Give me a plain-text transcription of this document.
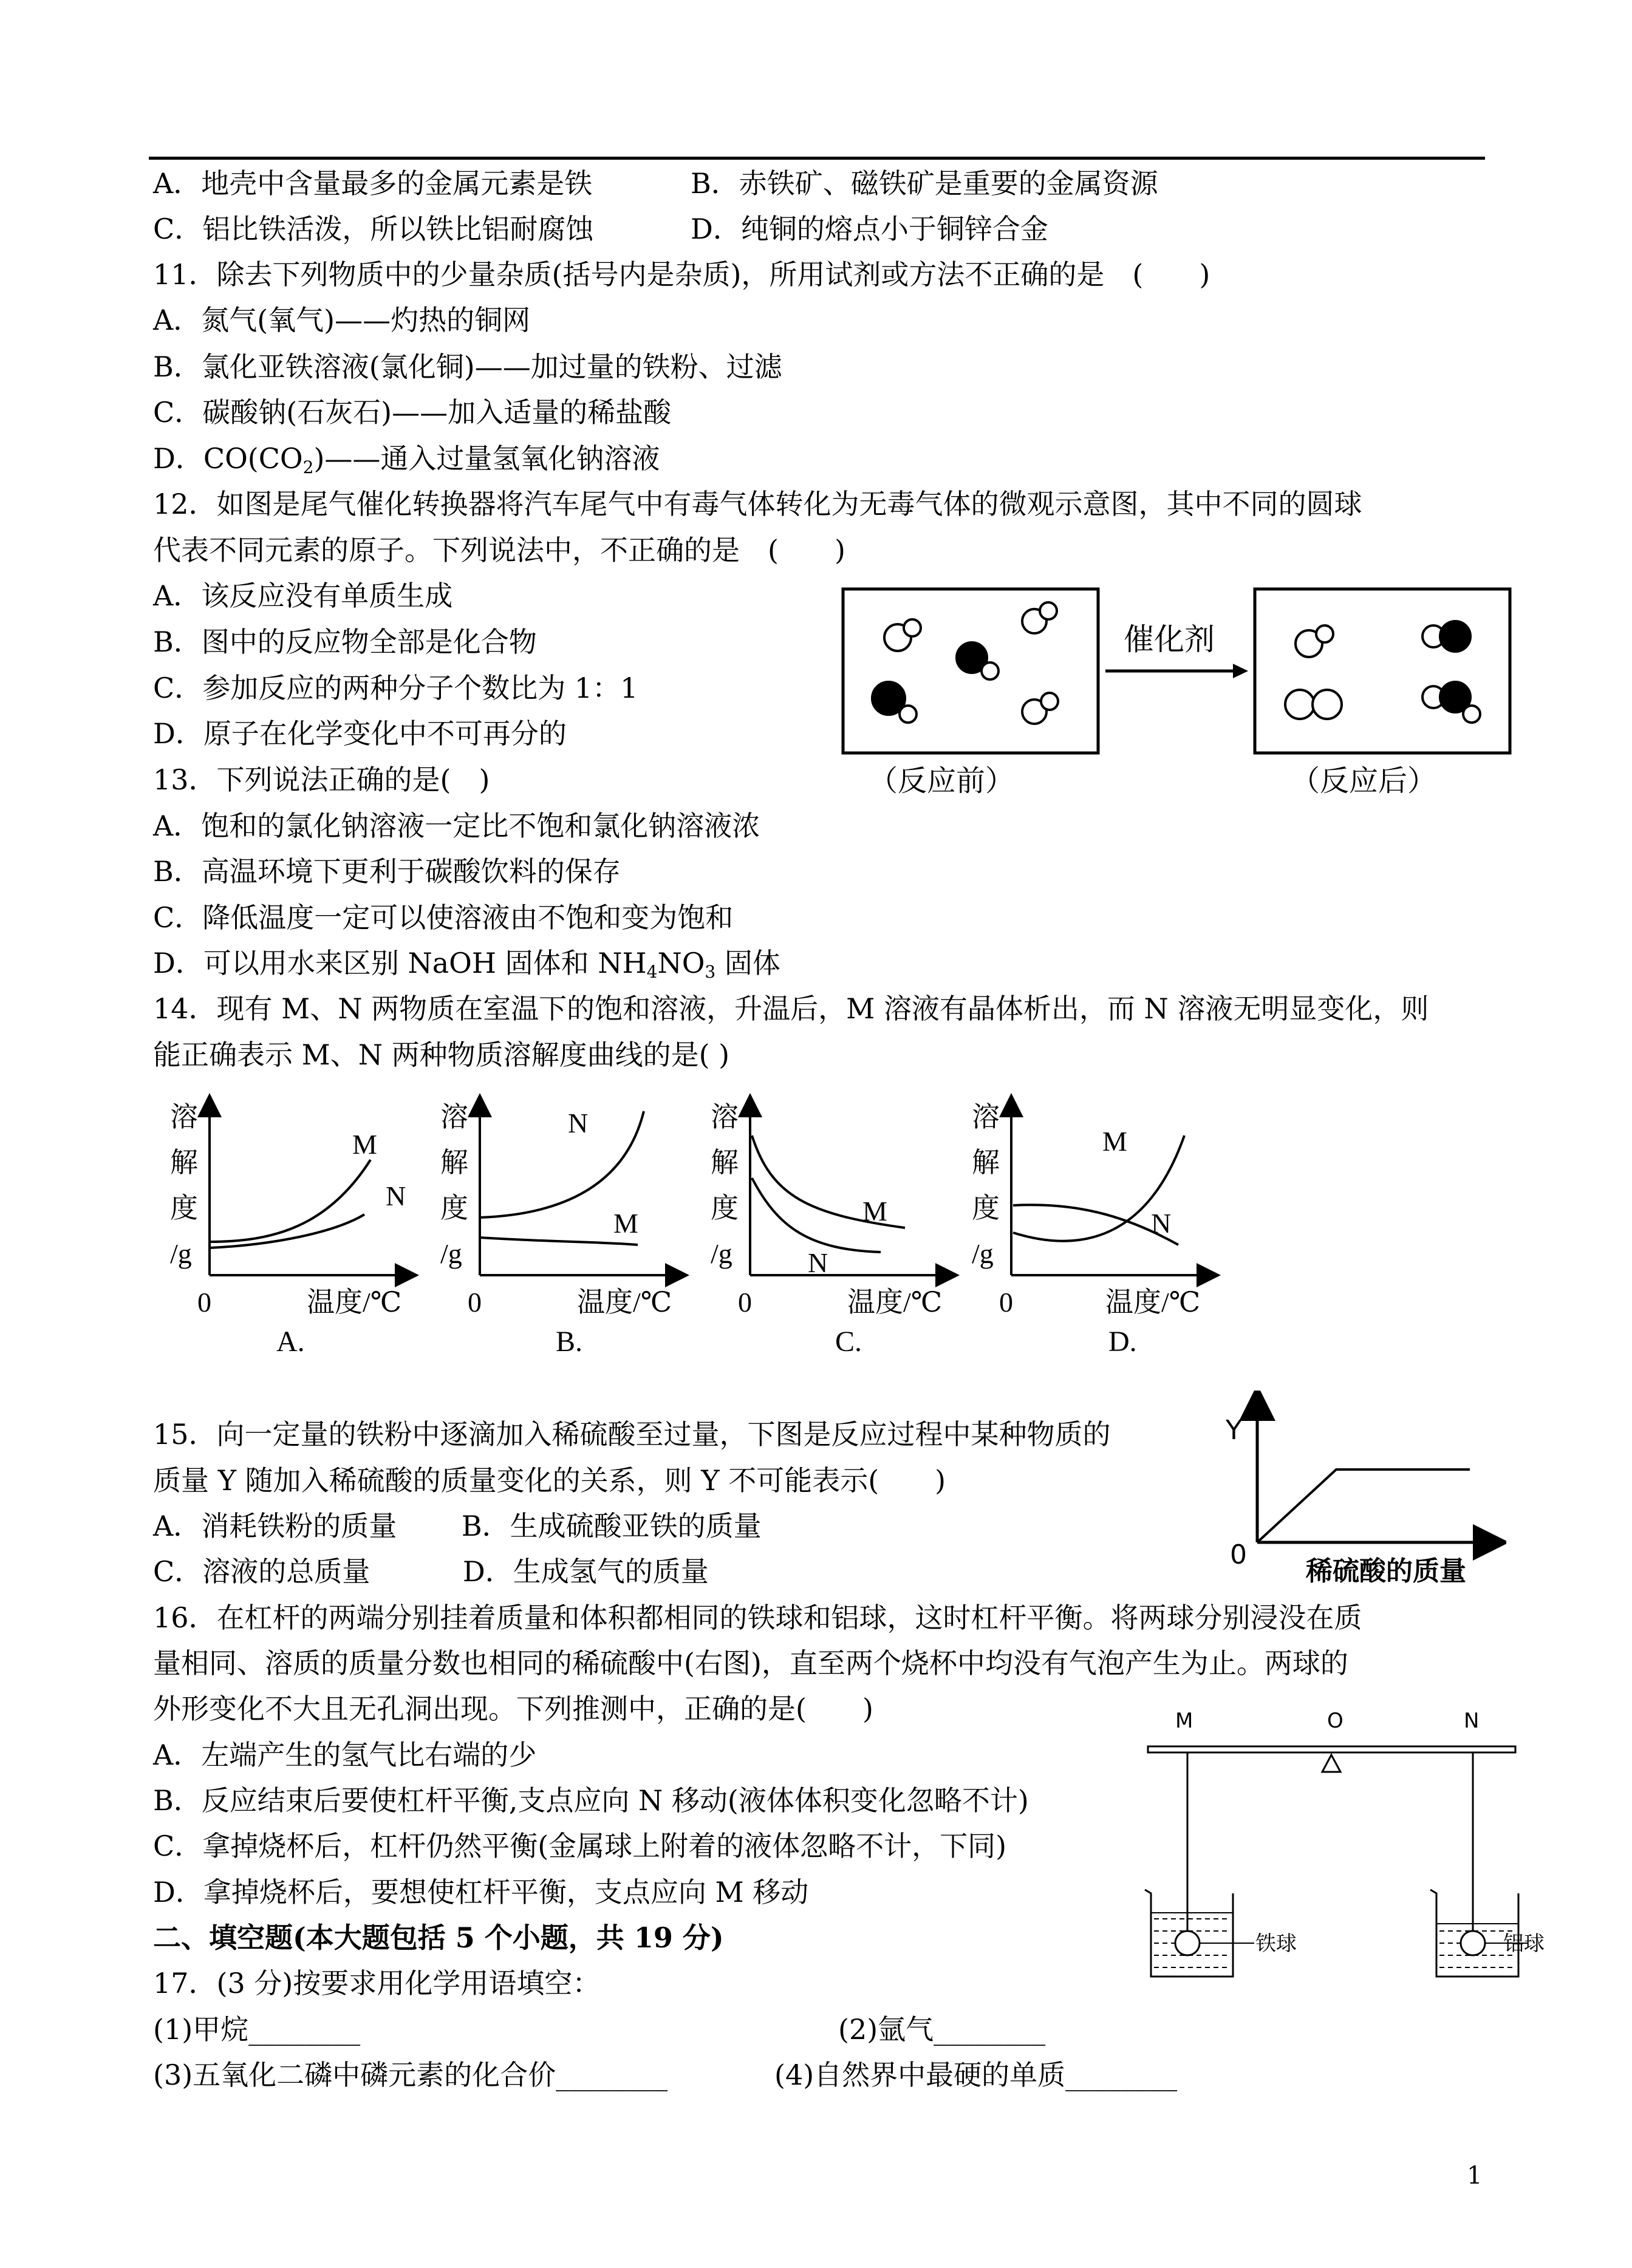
A．地壳中含量最多的金属元素是铁	B．赤铁矿、磁铁矿是重要的金属资源
C．铝比铁活泼，所以铁比铝耐腐蚀	D．纯铜的熔点小于铜锌合金
11．除去下列物质中的少量杂质(括号内是杂质)，所用试剂或方法不正确的是　(　　)
A．氮气(氧气)——灼热的铜网
B．氯化亚铁溶液(氯化铜)——加过量的铁粉、过滤
C．碳酸钠(石灰石)——加入适量的稀盐酸
D．$CO(CO_2)——$通入过量氢氧化钠溶液
12．如图是尾气催化转换器将汽车尾气中有毒气体转化为无毒气体的微观示意图，其中不同的圆球
代表不同元素的原子。下列说法中，不正确的是　(　　)
A．该反应没有单质生成
B．图中的反应物全部是化合物
C．参加反应的两种分子个数比为 1：1
D．原子在化学变化中不可再分的
催化剂
（反应前）	（反应后）
13．下列说法正确的是(　)
A．饱和的氯化钠溶液一定比不饱和氯化钠溶液浓
B．高温环境下更利于碳酸饮料的保存
C．降低温度一定可以使溶液由不饱和变为饱和
D．可以用水来区别 NaOH 固体和 $NH_4NO_3$ 固体
14．现有 M、N 两物质在室温下的饱和溶液，升温后，M 溶液有晶体析出，而 N 溶液无明显变化，则
能正确表示 M、N 两种物质溶解度曲线的是( )
溶
解
度
/g
M
N
0	温度/℃
A.
溶
解
度
/g
N
M
0	温度/℃
B.
溶
解
度
/g
M
N
0	温度/℃
C.
溶
解
度
/g
M
N
0	温度/℃
D.
15．向一定量的铁粉中逐滴加入稀硫酸至过量，下图是反应过程中某种物质的
质量 Y 随加入稀硫酸的质量变化的关系，则 Y 不可能表示(　　)
A．消耗铁粉的质量　　 B．生成硫酸亚铁的质量
C．溶液的总质量　　　 D．生成氢气的质量
Y
0
稀硫酸的质量
16．在杠杆的两端分别挂着质量和体积都相同的铁球和铝球，这时杠杆平衡。将两球分别浸没在质
量相同、溶质的质量分数也相同的稀硫酸中(右图)，直至两个烧杯中均没有气泡产生为止。两球的
外形变化不大且无孔洞出现。下列推测中，正确的是(　　)
A．左端产生的氢气比右端的少
B．反应结束后要使杠杆平衡,支点应向 N 移动(液体体积变化忽略不计)
C．拿掉烧杯后，杠杆仍然平衡(金属球上附着的液体忽略不计，下同)
D．拿掉烧杯后，要想使杠杆平衡，支点应向 M 移动
M	O	N
铁球	铝球
二、填空题(本大题包括 5 个小题，共 19 分)
17．(3 分)按要求用化学用语填空：
(1)甲烷________	(2)氩气________
(3)五氧化二磷中磷元素的化合价________	(4)自然界中最硬的单质________
1
